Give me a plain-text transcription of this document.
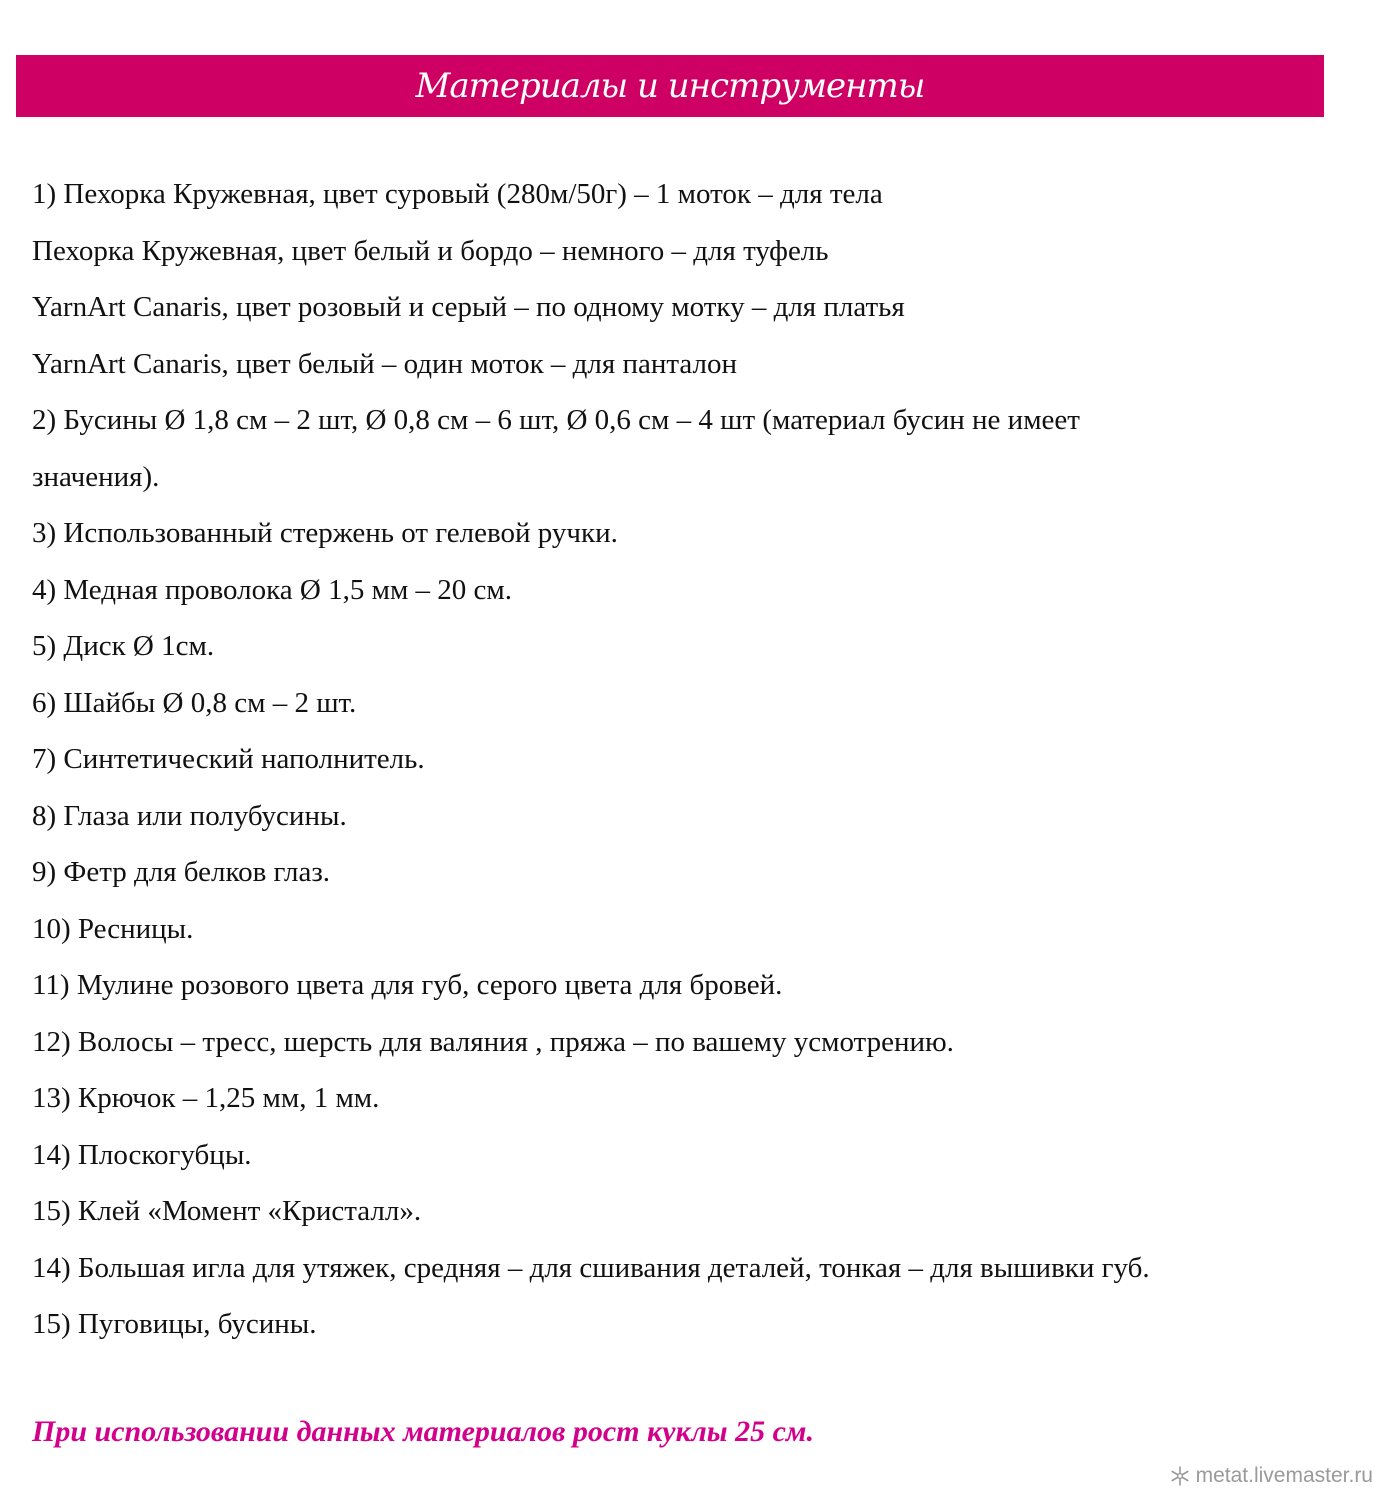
Материалы и инструменты
1) Пехорка Кружевная, цвет суровый (280м/50г) – 1 моток – для тела
Пехорка Кружевная, цвет белый и бордо – немного – для туфель
YarnArt Canaris, цвет розовый и серый – по одному мотку – для платья
YarnArt Canaris, цвет белый – один моток – для панталон
2) Бусины Ø 1,8 см – 2 шт, Ø 0,8 см – 6 шт, Ø 0,6 см – 4 шт (материал бусин не имеет
значения).
3) Использованный стержень от гелевой ручки.
4) Медная проволока Ø 1,5 мм – 20 см.
5) Диск Ø 1см.
6) Шайбы Ø 0,8 см – 2 шт.
7) Синтетический наполнитель.
8) Глаза или полубусины.
9) Фетр для белков глаз.
10) Ресницы.
11) Мулине розового цвета для губ, серого цвета для бровей.
12) Волосы – тресс, шерсть для валяния , пряжа – по вашему усмотрению.
13) Крючок – 1,25 мм, 1 мм.
14) Плоскогубцы.
15) Клей «Момент «Кристалл».
14) Большая игла для утяжек, средняя – для сшивания деталей, тонкая – для вышивки губ.
15) Пуговицы, бусины.
При использовании данных материалов рост куклы 25 см.
metat.livemaster.ru
